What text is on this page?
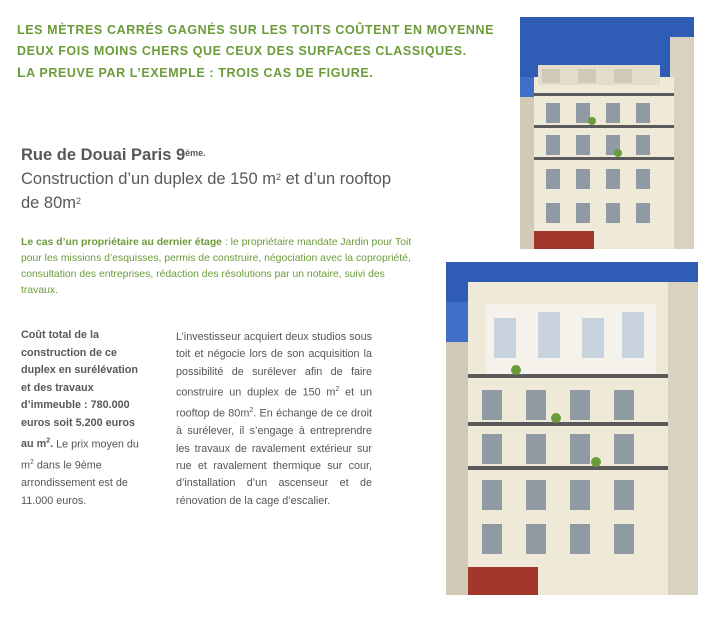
LES MÈTRES CARRÉS GAGNÉS SUR LES TOITS COÛTENT EN MOYENNE
DEUX FOIS MOINS CHERS QUE CEUX DES SURFACES CLASSIQUES.
LA PREUVE PAR L’EXEMPLE : TROIS CAS DE FIGURE.
Rue de Douai Paris $9^{ème.}$
Construction d’un duplex de 150 $m^2$ et d’un rooftop
de $80m^2$
Le cas d’un propriétaire au dernier étage : le propriétaire mandate Jardin pour Toit pour les missions d’esquisses, permis de construire, négociation avec la copropriété, consultation des entreprises, rédaction des résolutions par un notaire, suivi des travaux.
Coût total de la construction de ce duplex en surélévation et des travaux d’immeuble : 780.000 euros soit 5.200 euros au $m^2$. Le prix moyen du $m^2$ dans le 9ème arrondissement est de 11.000 euros.
L’investisseur acquiert deux studios sous toit et négocie lors de son acquisition la possibilité de surélever afin de faire construire un duplex de 150 $m^2$ et un rooftop de $80m^2$. En échange de ce droit à surélever, il s’engage à entreprendre les travaux de ravalement extérieur sur rue et ravalement thermique sur cour, d’installation d’un ascenseur et de rénovation de la cage d’escalier.
